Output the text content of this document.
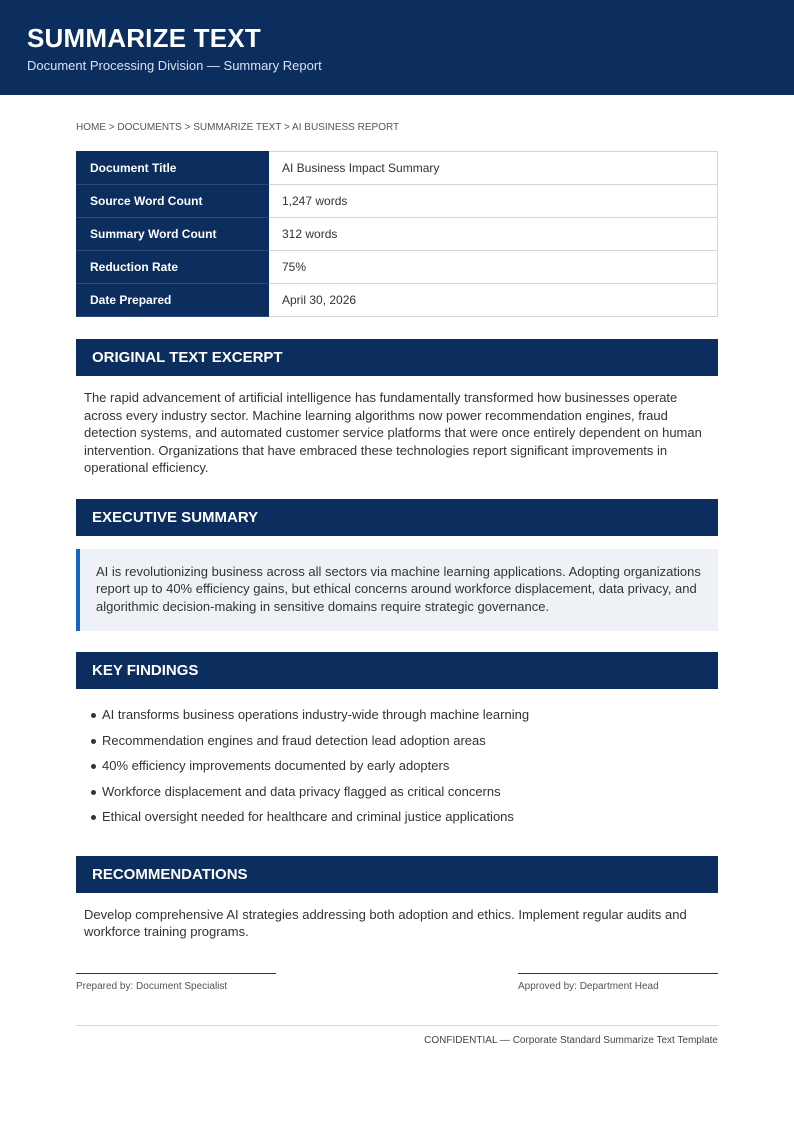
SUMMARIZE TEXT
Document Processing Division — Summary Report
HOME > DOCUMENTS > SUMMARIZE TEXT > AI BUSINESS REPORT
Document Title	AI Business Impact Summary
Source Word Count	1,247 words
Summary Word Count	312 words
Reduction Rate	75%
Date Prepared	April 30, 2026
ORIGINAL TEXT EXCERPT

The rapid advancement of artificial intelligence has fundamentally transformed how businesses operate across every industry sector. Machine learning algorithms now power recommendation engines, fraud detection systems, and automated customer service platforms that were once entirely dependent on human intervention. Organizations that have embraced these technologies report significant improvements in operational efficiency.

EXECUTIVE SUMMARY
AI is revolutionizing business across all sectors via machine learning applications. Adopting organizations report up to 40% efficiency gains, but ethical concerns around workforce displacement, data privacy, and algorithmic decision-making in sensitive domains require strategic governance.
KEY FINDINGS
AI transforms business operations industry-wide through machine learning
Recommendation engines and fraud detection lead adoption areas
40% efficiency improvements documented by early adopters
Workforce displacement and data privacy flagged as critical concerns
Ethical oversight needed for healthcare and criminal justice applications
RECOMMENDATIONS

Develop comprehensive AI strategies addressing both adoption and ethics. Implement regular audits and workforce training programs.

Prepared by: Document Specialist	Approved by: Department Head
CONFIDENTIAL — Corporate Standard Summarize Text Template
